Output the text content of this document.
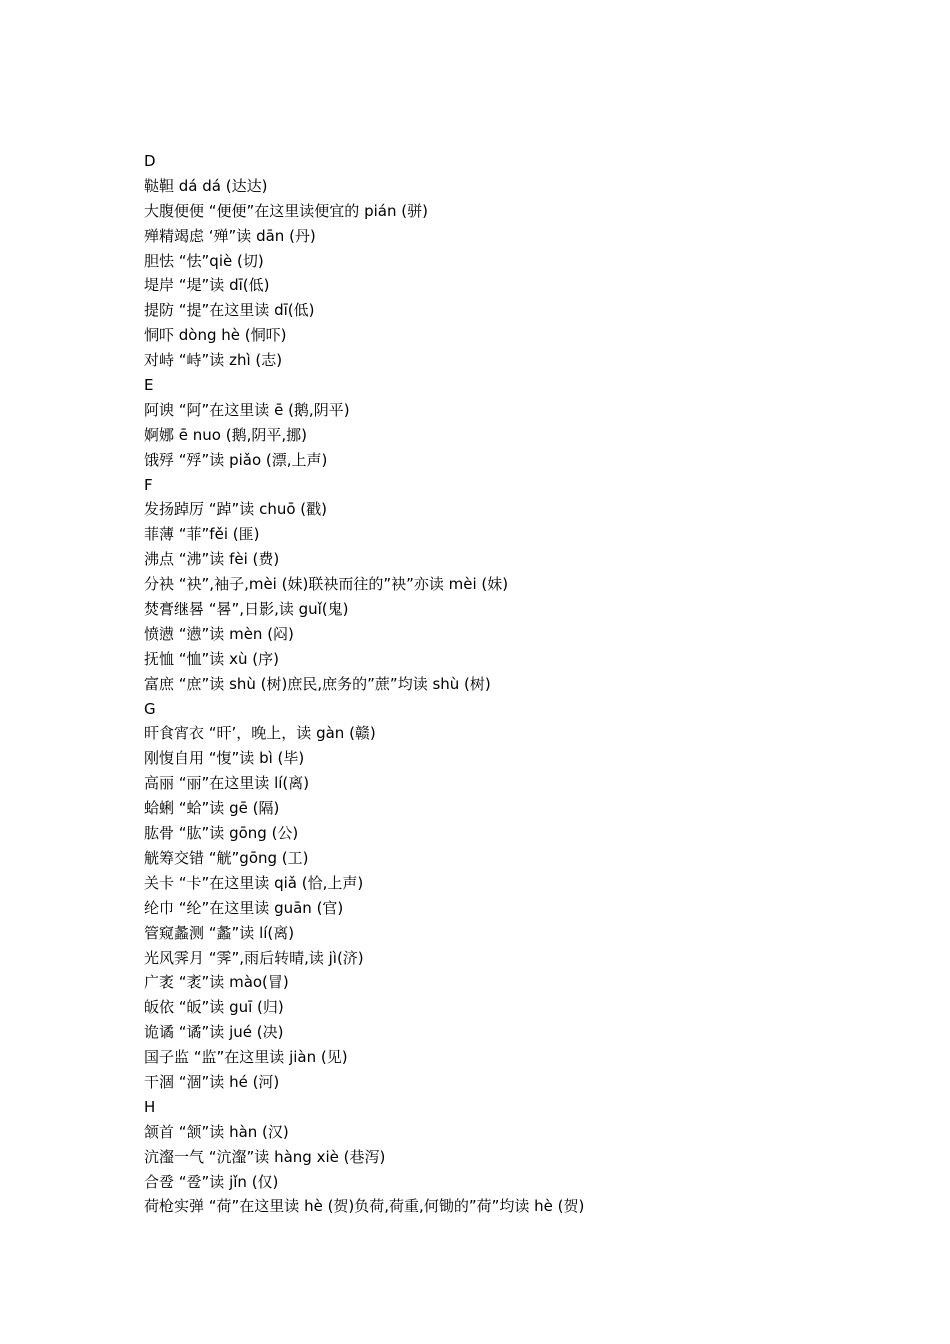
D
鞑靼 dá dá (达达)
大腹便便 “便便”在这里读便宜的 pián (骈)
殚精竭虑 ‘殚”读 dān (丹)
胆怯 “怯”qiè (切)
堤岸 “堤”读 dī(低)
提防 “提”在这里读 dī(低)
恫吓 dòng hè (恫吓)
对峙 “峙”读 zhì (志)
E
阿谀 “阿”在这里读 ē (鹅,阴平)
婀娜 ē nuo (鹅,阴平,挪)
饿殍 “殍”读 piǎo (漂,上声)
F
发扬踔厉 “踔”读 chuō (戳)
菲薄 “菲”fěi (匪)
沸点 “沸”读 fèi (费)
分袂 “袂”,袖子,mèi (妹)联袂而往的”袂”亦读 mèi (妹)
焚膏继晷 “晷”,日影,读 guǐ(鬼)
愤懑 “懑”读 mèn (闷)
抚恤 “恤”读 xù (序)
富庶 “庶”读 shù (树)庶民,庶务的”蔗”均读 shù (树)
G
旰食宵衣 “旰’，晚上，读 gàn (赣)
刚愎自用 “愎”读 bì (毕)
高丽 “丽”在这里读 lí(离)
蛤蜊 “蛤”读 gē (隔)
肱骨 “肱”读 gōng (公)
觥筹交错 “觥”gōng (工)
关卡 “卡”在这里读 qiǎ (恰,上声)
纶巾 “纶”在这里读 guān (官)
管窥蠡测 “蠡”读 lí(离)
光风霁月 “霁”,雨后转晴,读 jì(济)
广袤 “袤”读 mào(冒)
皈依 “皈”读 guī (归)
诡谲 “谲”读 jué (决)
国子监 “监”在这里读 jiàn (见)
干涸 “涸”读 hé (河)
H
颔首 “颔”读 hàn (汉)
沆瀣一气 “沆瀣”读 hàng xiè (巷泻)
合卺 “卺”读 jǐn (仅)
荷枪实弹 “荷”在这里读 hè (贺)负荷,荷重,何锄的”荷”均读 hè (贺)
